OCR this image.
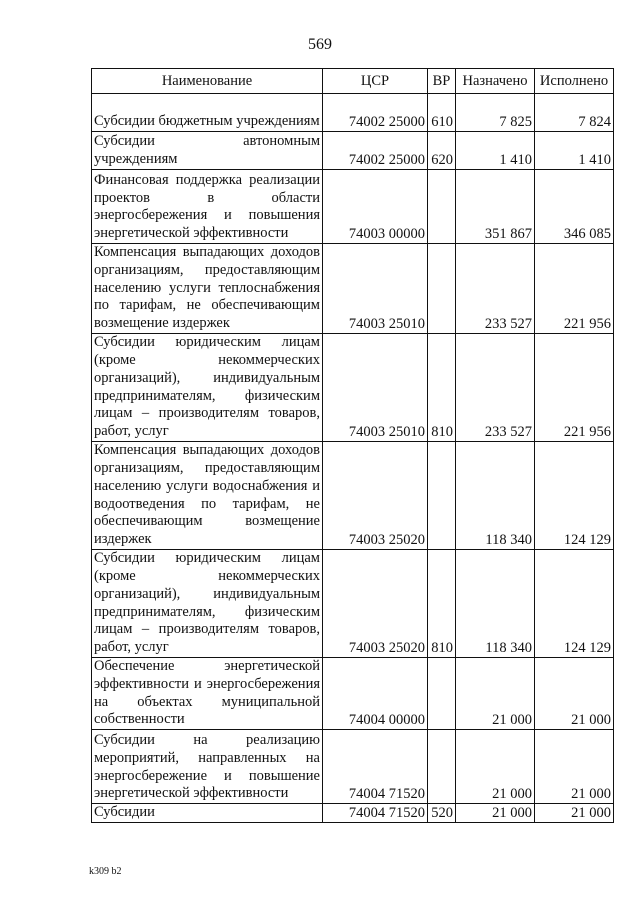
569
Наименование	ЦСР	ВР	Назначено	Исполнено
Субсидии бюджетным учреждениям	74002 25000	610	7 825	7 824
Субсидии автономным учреждениям	74002 25000	620	1 410	1 410
Финансовая поддержка реализации проектов в области энергосбережения и повышения энергетической эффективности	74003 00000		351 867	346 085
Компенсация выпадающих доходов организациям, предоставляющим населению услуги теплоснабжения по тарифам, не обеспечивающим возмещение издержек	74003 25010		233 527	221 956
Субсидии юридическим лицам (кроме некоммерческих организаций), индивидуальным предпринимателям, физическим лицам – производителям товаров, работ, услуг	74003 25010	810	233 527	221 956
Компенсация выпадающих доходов организациям, предоставляющим населению услуги водоснабжения и водоотведения по тарифам, не обеспечивающим возмещение издержек	74003 25020		118 340	124 129
Субсидии юридическим лицам (кроме некоммерческих организаций), индивидуальным предпринимателям, физическим лицам – производителям товаров, работ, услуг	74003 25020	810	118 340	124 129
Обеспечение энергетической эффективности и энергосбережения на объектах муниципальной собственности	74004 00000		21 000	21 000
Субсидии на реализацию мероприятий, направленных на энергосбережение и повышение энергетической эффективности	74004 71520		21 000	21 000
Субсидии	74004 71520	520	21 000	21 000
k309 b2
